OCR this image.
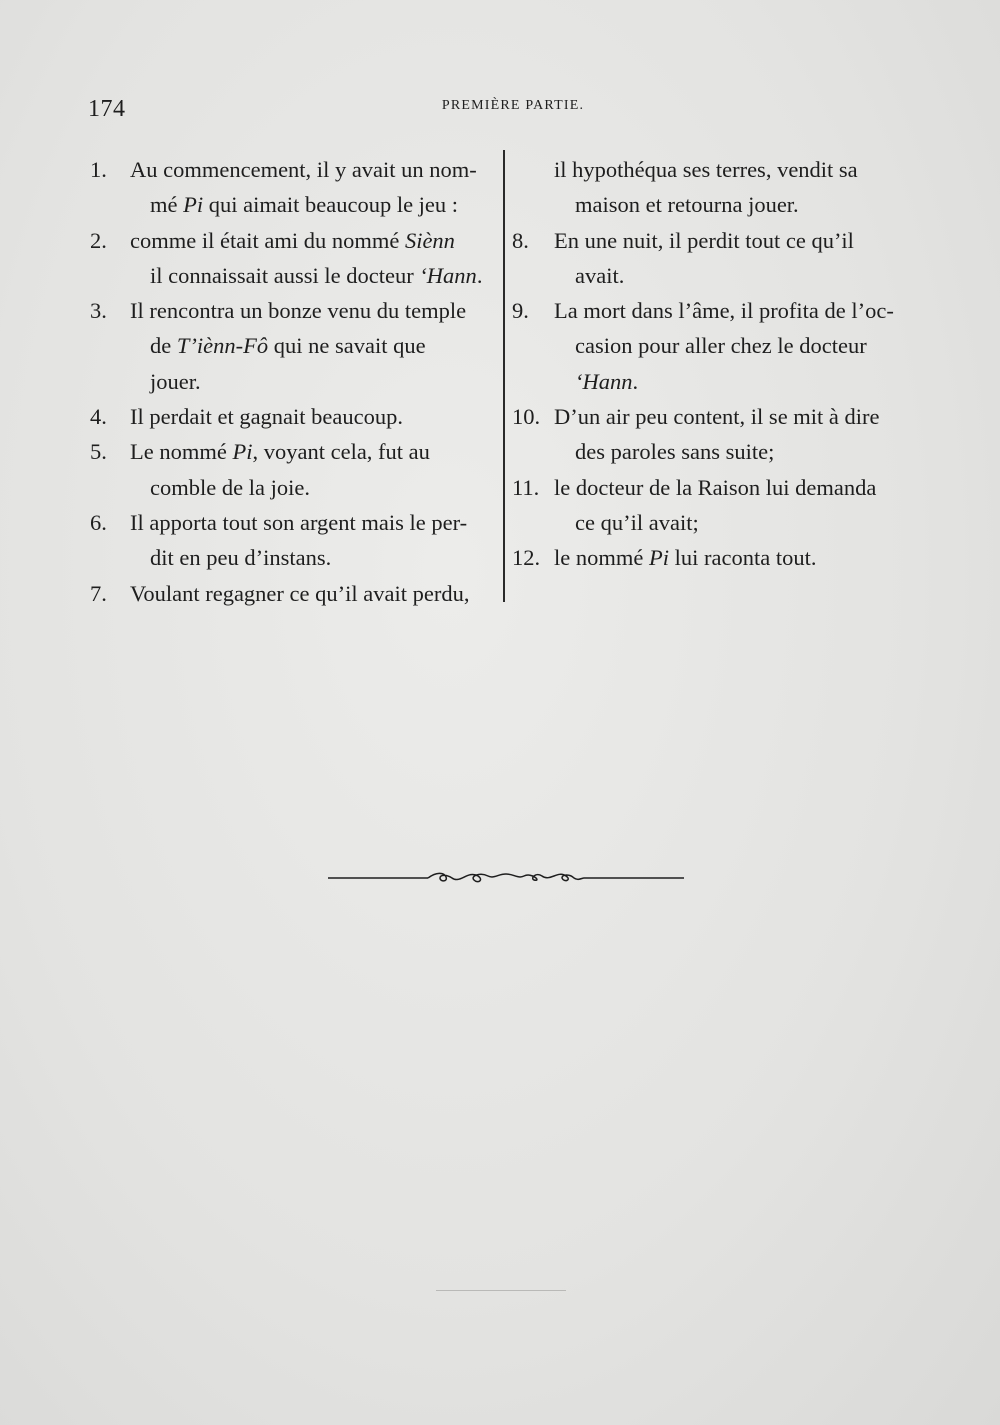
174	PREMIÈRE PARTIE.
1.	Au commencement, il y avait un nom-
mé Pi qui aimait beaucoup le jeu :
2.	comme il était ami du nommé Siènn
il connaissait aussi le docteur ‘Hann.
3.	Il rencontra un bonze venu du temple
de T’iènn-Fô qui ne savait que
jouer.
4.	Il perdait et gagnait beaucoup.
5.	Le nommé Pi, voyant cela, fut au
comble de la joie.
6.	Il apporta tout son argent mais le per-
dit en peu d’instans.
7.	Voulant regagner ce qu’il avait perdu,
il hypothéqua ses terres, vendit sa
maison et retourna jouer.
8.	En une nuit, il perdit tout ce qu’il
avait.
9.	La mort dans l’âme, il profita de l’oc-
casion pour aller chez le docteur
‘Hann.
10. D’un air peu content, il se mit à dire
des paroles sans suite;
11. le docteur de la Raison lui demanda
ce qu’il avait;
12. le nommé Pi lui raconta tout.
